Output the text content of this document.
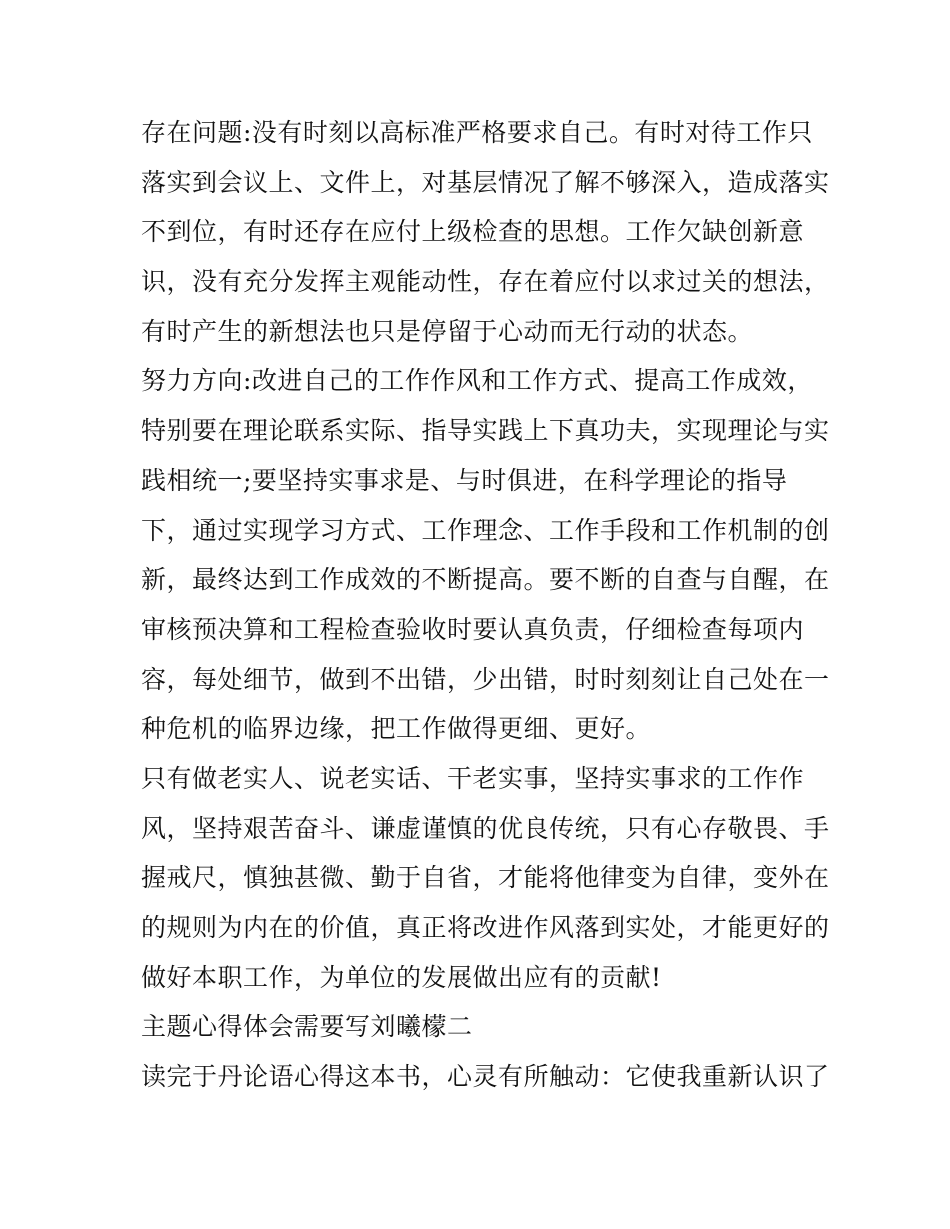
存在问题:没有时刻以高标准严格要求自己。有时对待工作只
落实到会议上、文件上，对基层情况了解不够深入，造成落实
不到位，有时还存在应付上级检查的思想。工作欠缺创新意
识，没有充分发挥主观能动性，存在着应付以求过关的想法，
有时产生的新想法也只是停留于心动而无行动的状态。
努力方向:改进自己的工作作风和工作方式、提高工作成效，
特别要在理论联系实际、指导实践上下真功夫，实现理论与实
践相统一;要坚持实事求是、与时俱进，在科学理论的指导
下，通过实现学习方式、工作理念、工作手段和工作机制的创
新，最终达到工作成效的不断提高。要不断的自查与自醒，在
审核预决算和工程检查验收时要认真负责，仔细检查每项内
容，每处细节，做到不出错，少出错，时时刻刻让自己处在一
种危机的临界边缘，把工作做得更细、更好。
只有做老实人、说老实话、干老实事，坚持实事求的工作作
风，坚持艰苦奋斗、谦虚谨慎的优良传统，只有心存敬畏、手
握戒尺，慎独甚微、勤于自省，才能将他律变为自律，变外在
的规则为内在的价值，真正将改进作风落到实处，才能更好的
做好本职工作，为单位的发展做出应有的贡献!
主题心得体会需要写刘曦檬二
读完于丹论语心得这本书，心灵有所触动：它使我重新认识了
